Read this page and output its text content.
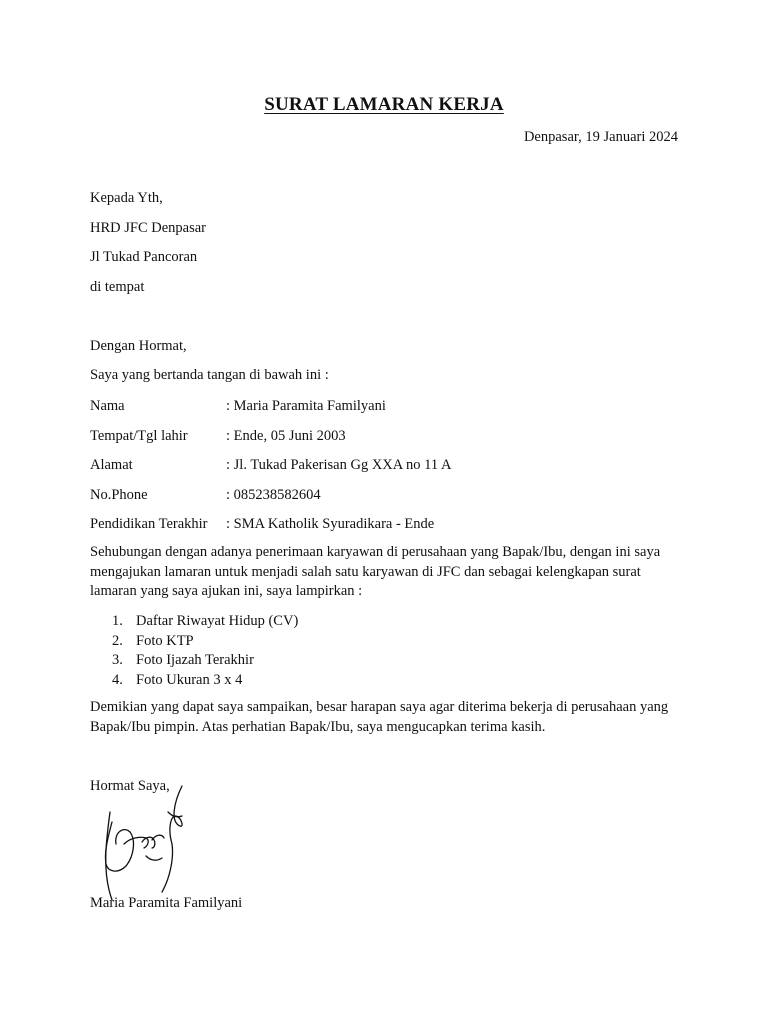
SURAT LAMARAN KERJA
Denpasar, 19 Januari 2024
Kepada Yth,
HRD JFC Denpasar
Jl Tukad Pancoran
di tempat
Dengan Hormat,
Saya yang bertanda tangan di bawah ini :
Nama	: Maria Paramita Familyani
Tempat/Tgl lahir	: Ende, 05 Juni 2003
Alamat	: Jl. Tukad Pakerisan Gg XXA no 11 A
No.Phone	: 085238582604
Pendidikan Terakhir	: SMA Katholik Syuradikara - Ende
Sehubungan dengan adanya penerimaan karyawan di perusahaan yang Bapak/Ibu, dengan ini saya mengajukan lamaran untuk menjadi salah satu karyawan di JFC dan sebagai kelengkapan surat lamaran yang saya ajukan ini, saya lampirkan :
1. Daftar Riwayat Hidup (CV)
2. Foto KTP
3. Foto Ijazah Terakhir
4. Foto Ukuran 3 x 4
Demikian yang dapat saya sampaikan, besar harapan saya agar diterima bekerja di perusahaan yang Bapak/Ibu pimpin. Atas perhatian Bapak/Ibu, saya mengucapkan terima kasih.
Hormat Saya,
Maria Paramita Familyani
